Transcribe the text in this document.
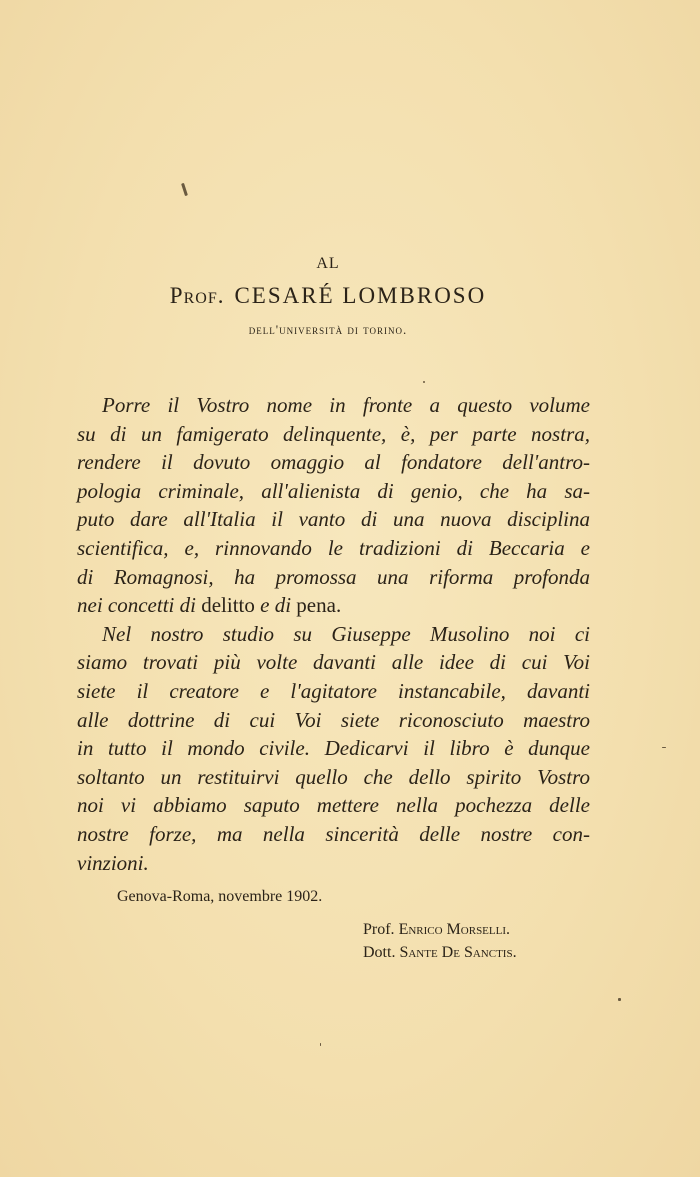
AL
Prof. CESARÉ LOMBROSO
dell'università di torino.

Porre il Vostro nome in fronte a questo volume
su di un famigerato delinquente, è, per parte nostra,
rendere il dovuto omaggio al fondatore dell'antro-
pologia criminale, all'alienista di genio, che ha sa-
puto dare all'Italia il vanto di una nuova disciplina
scientifica, e, rinnovando le tradizioni di Beccaria e
di Romagnosi, ha promossa una riforma profonda
nei concetti di delitto e di pena.

Nel nostro studio su Giuseppe Musolino noi ci
siamo trovati più volte davanti alle idee di cui Voi
siete il creatore e l'agitatore instancabile, davanti
alle dottrine di cui Voi siete riconosciuto maestro
in tutto il mondo civile. Dedicarvi il libro è dunque
soltanto un restituirvi quello che dello spirito Vostro
noi vi abbiamo saputo mettere nella pochezza delle
nostre forze, ma nella sincerità delle nostre con-
vinzioni.

Genova-Roma, novembre 1902.
Prof. Enrico Morselli.
Dott. Sante De Sanctis.
